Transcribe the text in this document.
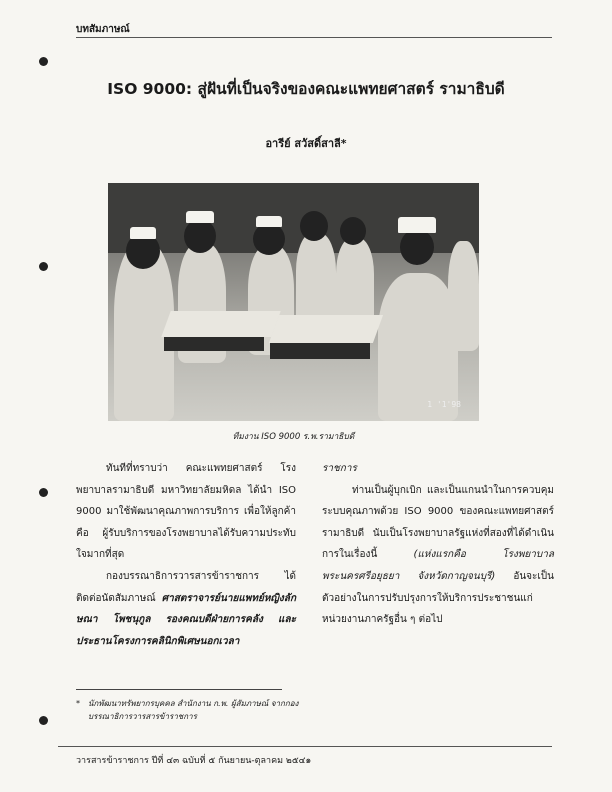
บทสัมภาษณ์
ISO 9000: สู่ฝันที่เป็นจริงของคณะแพทยศาสตร์ รามาธิบดี
อารีย์ สวัสดิ์สาลี*
1 '1'98
ทีมงาน ISO 9000 ร.พ.รามาธิบดี

ทันทีที่ทราบว่า คณะแพทยศาสตร์ โรงพยาบาลรามาธิบดี มหาวิทยาลัยมหิดล ได้นำ ISO 9000 มาใช้พัฒนาคุณภาพการบริการ เพื่อให้ลูกค้าคือ ผู้รับบริการของโรงพยาบาลได้รับความประทับใจมากที่สุด

กองบรรณาธิการวารสารข้าราชการ ได้ติดต่อนัดสัมภาษณ์ ศาสตราจารย์นายแพทย์หญิงลักษณา โพชนุกูล รองคณบดีฝ่ายการคลัง และประธานโครงการคลินิกพิเศษนอกเวลา

ราชการ

ท่านเป็นผู้บุกเบิก และเป็นแกนนำในการควบคุมระบบคุณภาพด้วย ISO 9000 ของคณะแพทยศาสตร์ รามาธิบดี นับเป็นโรงพยาบาลรัฐแห่งที่สองที่ได้ดำเนินการในเรื่องนี้	(แห่งแรกคือ โรงพยาบาลพระนครศรีอยุธยา จังหวัดกาญจนบุรี) อันจะเป็นตัวอย่างในการปรับปรุงการให้บริการประชาชนแก่หน่วยงานภาครัฐอื่น ๆ ต่อไป

*	นักพัฒนาทรัพยากรบุคคล สำนักงาน ก.พ. ผู้สัมภาษณ์ จากกองบรรณาธิการวารสารข้าราชการ
วารสารข้าราชการ ปีที่ ๔๓ ฉบับที่ ๕ กันยายน-ตุลาคม ๒๕๔๑
